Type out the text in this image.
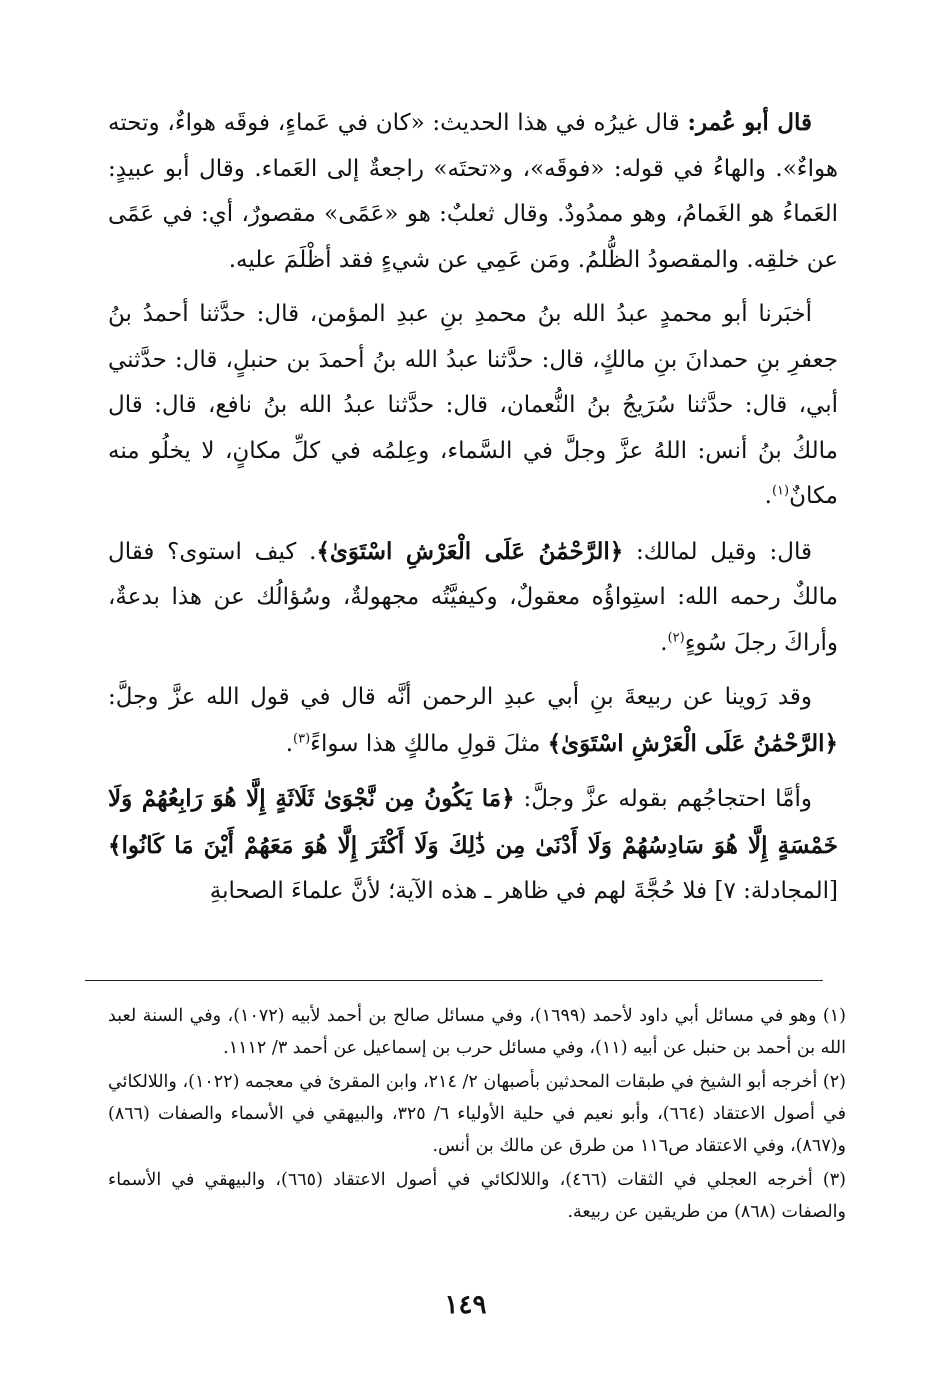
قال أبو عُمر: قال غيرُه في هذا الحديث: «كان في عَماءٍ، فوقَه هواءٌ، وتحته هواءٌ». والهاءُ في قوله: «فوقَه»، و«تحتَه» راجعةٌ إلى العَماء. وقال أبو عبيدٍ: العَماءُ هو الغَمامُ، وهو ممدُودٌ. وقال ثعلبٌ: هو «عَمًى» مقصورٌ، أي: في عَمًى عن خلقِه. والمقصودُ الظُّلمُ. ومَن عَمِي عن شيءٍ فقد أظْلَمَ عليه.

أخبَرنا أبو محمدٍ عبدُ الله بنُ محمدِ بنِ عبدِ المؤمن، قال: حدَّثنا أحمدُ بنُ جعفرِ بنِ حمدانَ بنِ مالكٍ، قال: حدَّثنا عبدُ الله بنُ أحمدَ بن حنبلٍ، قال: حدَّثني أبي، قال: حدَّثنا سُرَيجُ بنُ النُّعمان، قال: حدَّثنا عبدُ الله بنُ نافع، قال: قال مالكُ بنُ أنس: اللهُ عزَّ وجلَّ في السَّماء، وعِلمُه في كلِّ مكانٍ، لا يخلُو منه مكانٌ$^{(١)}$.

قال: وقيل لمالك: ﴿الرَّحْمَٰنُ عَلَى الْعَرْشِ اسْتَوَىٰ﴾. كيف استوى؟ فقال مالكٌ رحمه الله: استِواؤُه معقولٌ، وكيفيَّتُه مجهولةٌ، وسُؤالُك عن هذا بدعةٌ، وأراكَ رجلَ سُوءٍ$^{(٢)}$.

وقد رَوينا عن ربيعةَ بنِ أبي عبدِ الرحمن أنَّه قال في قول الله عزَّ وجلَّ: ﴿الرَّحْمَٰنُ عَلَى الْعَرْشِ اسْتَوَىٰ﴾ مثلَ قولِ مالكٍ هذا سواءً$^{(٣)}$.

وأمَّا احتجاجُهم بقوله عزَّ وجلَّ: ﴿مَا يَكُونُ مِن نَّجْوَىٰ ثَلَاثَةٍ إِلَّا هُوَ رَابِعُهُمْ وَلَا خَمْسَةٍ إِلَّا هُوَ سَادِسُهُمْ وَلَا أَدْنَىٰ مِن ذَٰلِكَ وَلَا أَكْثَرَ إِلَّا هُوَ مَعَهُمْ أَيْنَ مَا كَانُوا﴾ [المجادلة: ٧] فلا حُجَّةَ لهم في ظاهر ـ هذه الآية؛ لأنَّ علماءَ الصحابةِ

(١) وهو في مسائل أبي داود لأحمد (١٦٩٩)، وفي مسائل صالح بن أحمد لأبيه (١٠٧٢)، وفي السنة لعبد الله بن أحمد بن حنبل عن أبيه (١١)، وفي مسائل حرب بن إسماعيل عن أحمد ٣/ ١١١٢.

(٢) أخرجه أبو الشيخ في طبقات المحدثين بأصبهان ٢/ ٢١٤، وابن المقرئ في معجمه (١٠٢٢)، واللالكائي في أصول الاعتقاد (٦٦٤)، وأبو نعيم في حلية الأولياء ٦/ ٣٢٥، والبيهقي في الأسماء والصفات (٨٦٦) و(٨٦٧)، وفي الاعتقاد ص١١٦ من طرق عن مالك بن أنس.

(٣) أخرجه العجلي في الثقات (٤٦٦)، واللالكائي في أصول الاعتقاد (٦٦٥)، والبيهقي في الأسماء والصفات (٨٦٨) من طريقين عن ربيعة.

١٤٩
